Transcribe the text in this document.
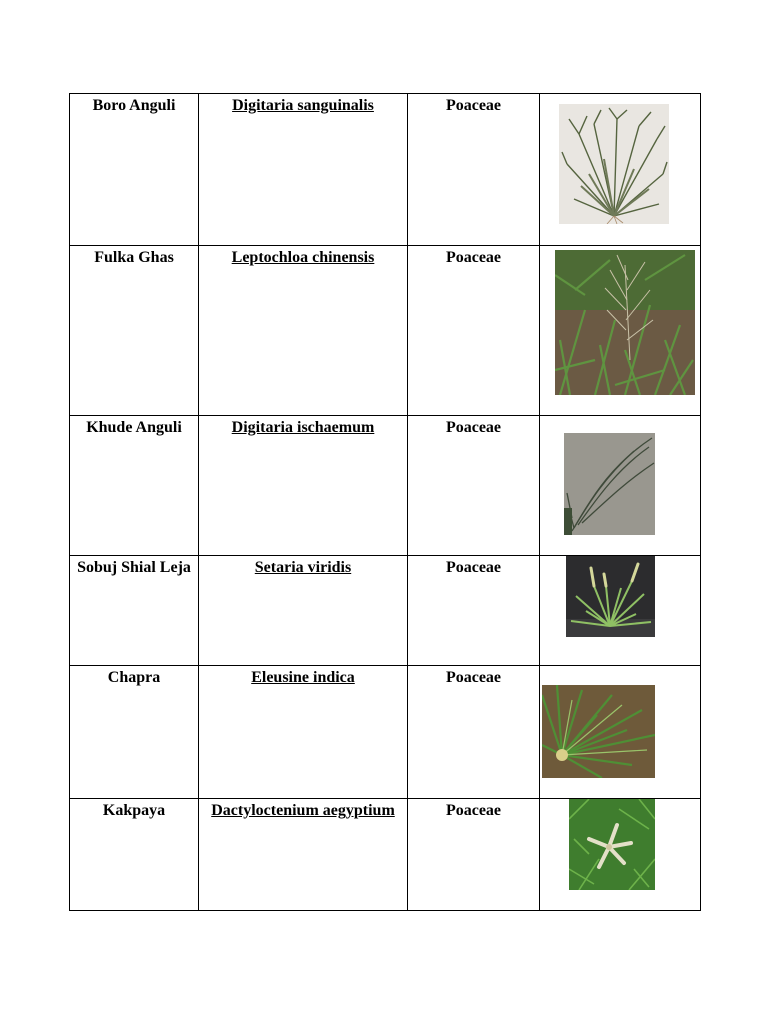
Boro Anguli	Digitaria sanguinalis	Poaceae

Fulka Ghas	Leptochloa chinensis	Poaceae

Khude Anguli	Digitaria ischaemum	Poaceae

Sobuj Shial Leja	Setaria viridis	Poaceae

Chapra	Eleusine indica	Poaceae

Kakpaya	Dactyloctenium aegyptium	Poaceae
